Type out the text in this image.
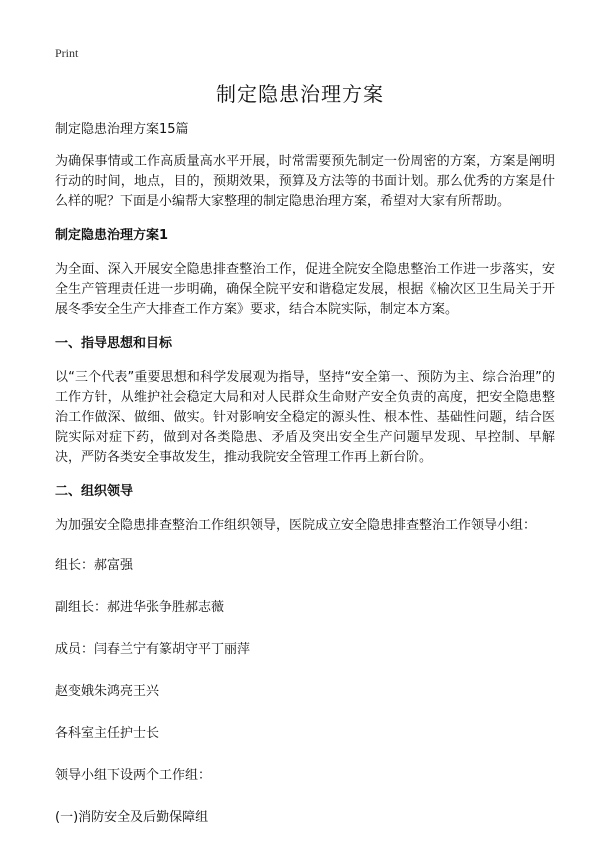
Print
制定隐患治理方案

制定隐患治理方案15篇

为确保事情或工作高质量高水平开展，时常需要预先制定一份周密的方案，方案是阐明行动的时间，地点，目的，预期效果，预算及方法等的书面计划。那么优秀的方案是什么样的呢？下面是小编帮大家整理的制定隐患治理方案，希望对大家有所帮助。

制定隐患治理方案1

为全面、深入开展安全隐患排查整治工作，促进全院安全隐患整治工作进一步落实，安全生产管理责任进一步明确，确保全院平安和谐稳定发展，根据《榆次区卫生局关于开展冬季安全生产大排查工作方案》要求，结合本院实际，制定本方案。

一、指导思想和目标

以“三个代表”重要思想和科学发展观为指导，坚持“安全第一、预防为主、综合治理”的工作方针，从维护社会稳定大局和对人民群众生命财产安全负责的高度，把安全隐患整治工作做深、做细、做实。针对影响安全稳定的源头性、根本性、基础性问题，结合医院实际对症下药，做到对各类隐患、矛盾及突出安全生产问题早发现、早控制、早解决，严防各类安全事故发生，推动我院安全管理工作再上新台阶。

二、组织领导

为加强安全隐患排查整治工作组织领导，医院成立安全隐患排查整治工作领导小组：

组长：郝富强

副组长：郝进华张争胜郝志薇

成员：闫春兰宁有篆胡守平丁丽萍

赵变娥朱鸿亮王兴

各科室主任护士长

领导小组下设两个工作组：

(一)消防安全及后勤保障组
